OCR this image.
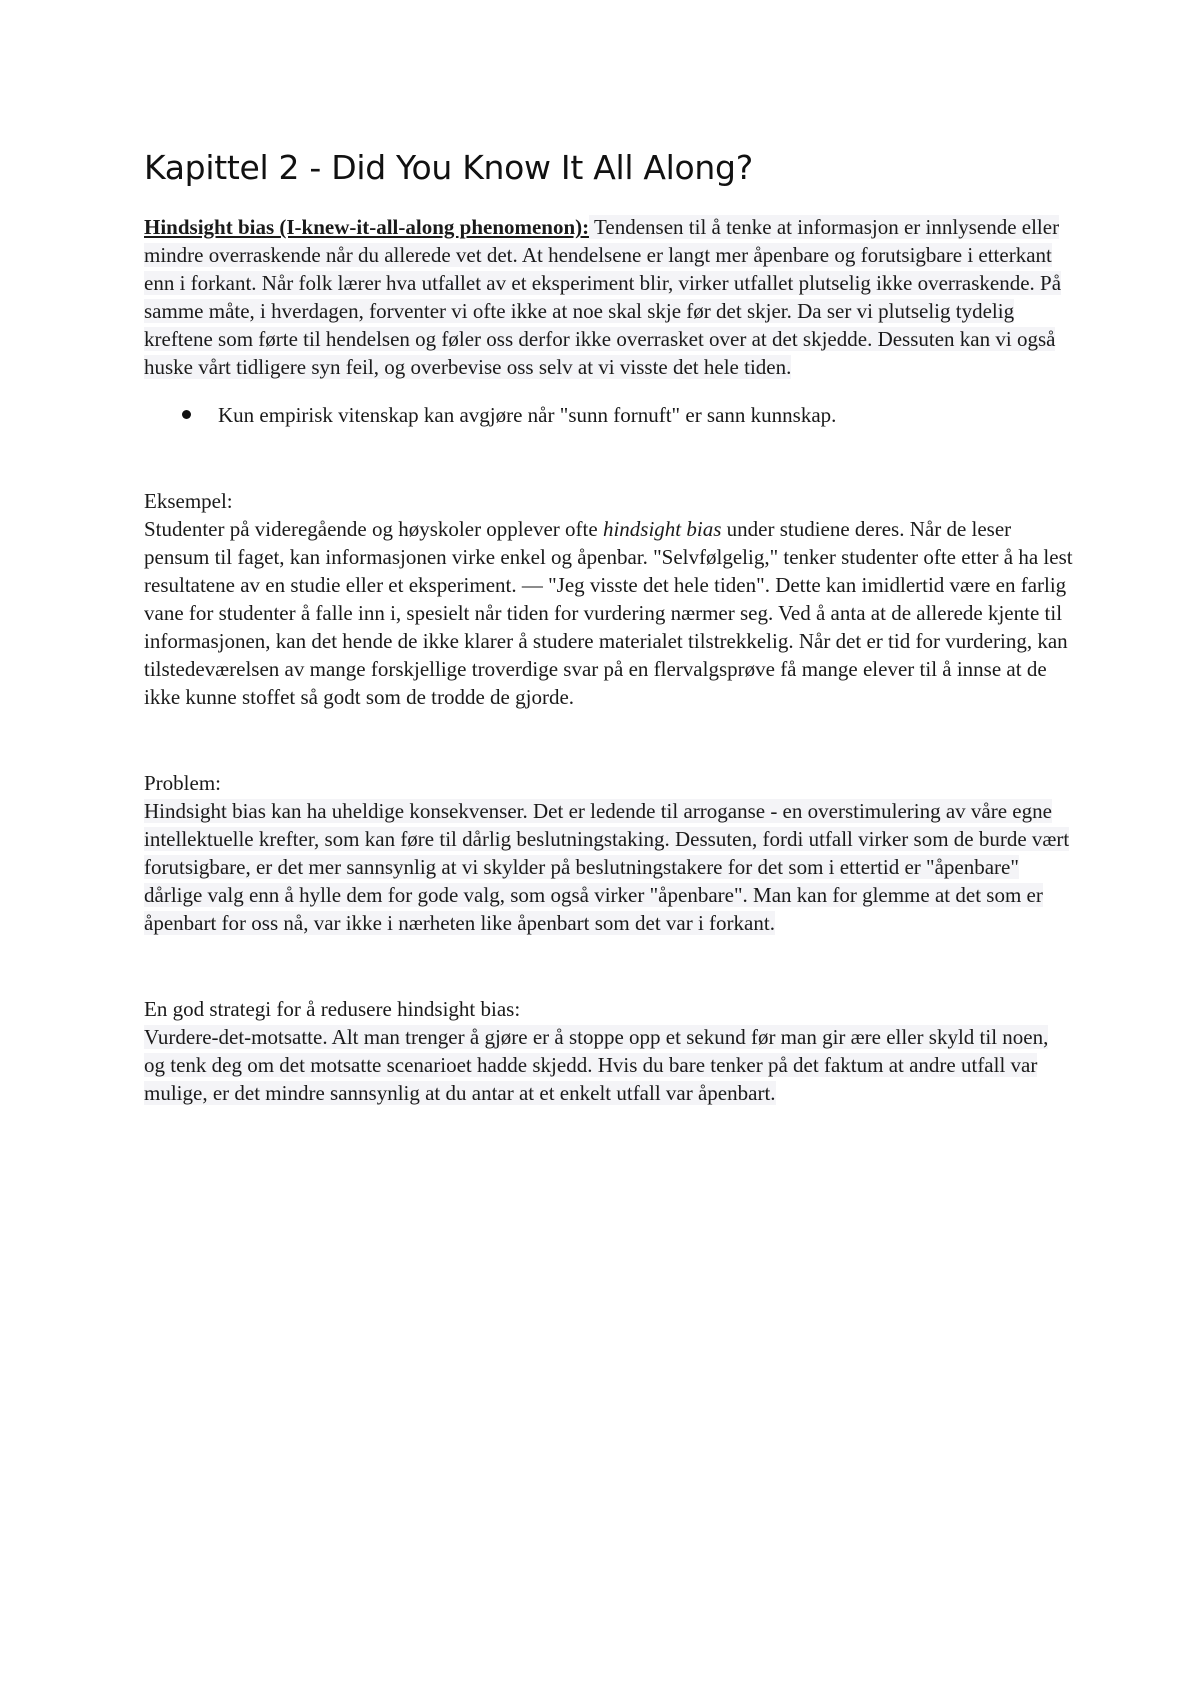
Kapittel 2 - Did You Know It All Along?

Hindsight bias (I-knew-it-all-along phenomenon): Tendensen til å tenke at informasjon er innlysende eller mindre overraskende når du allerede vet det. At hendelsene er langt mer åpenbare og forutsigbare i etterkant enn i forkant. Når folk lærer hva utfallet av et eksperiment blir, virker utfallet plutselig ikke overraskende. På samme måte, i hverdagen, forventer vi ofte ikke at noe skal skje før det skjer. Da ser vi plutselig tydelig kreftene som førte til hendelsen og føler oss derfor ikke overrasket over at det skjedde. Dessuten kan vi også huske vårt tidligere syn feil, og overbevise oss selv at vi visste det hele tiden.

Kun empirisk vitenskap kan avgjøre når "sunn fornuft" er sann kunnskap.

Eksempel:
Studenter på videregående og høyskoler opplever ofte hindsight bias under studiene deres. Når de leser pensum til faget, kan informasjonen virke enkel og åpenbar. "Selvfølgelig," tenker studenter ofte etter å ha lest resultatene av en studie eller et eksperiment. — "Jeg visste det hele tiden". Dette kan imidlertid være en farlig vane for studenter å falle inn i, spesielt når tiden for vurdering nærmer seg. Ved å anta at de allerede kjente til informasjonen, kan det hende de ikke klarer å studere materialet tilstrekkelig. Når det er tid for vurdering, kan tilstedeværelsen av mange forskjellige troverdige svar på en flervalgsprøve få mange elever til å innse at de ikke kunne stoffet så godt som de trodde de gjorde.

Problem:
Hindsight bias kan ha uheldige konsekvenser. Det er ledende til arroganse - en overstimulering av våre egne intellektuelle krefter, som kan føre til dårlig beslutningstaking. Dessuten, fordi utfall virker som de burde vært forutsigbare, er det mer sannsynlig at vi skylder på beslutningstakere for det som i ettertid er "åpenbare" dårlige valg enn å hylle dem for gode valg, som også virker "åpenbare". Man kan for glemme at det som er åpenbart for oss nå, var ikke i nærheten like åpenbart som det var i forkant.

En god strategi for å redusere hindsight bias:
Vurdere-det-motsatte. Alt man trenger å gjøre er å stoppe opp et sekund før man gir ære eller skyld til noen, og tenk deg om det motsatte scenarioet hadde skjedd. Hvis du bare tenker på det faktum at andre utfall var mulige, er det mindre sannsynlig at du antar at et enkelt utfall var åpenbart.
